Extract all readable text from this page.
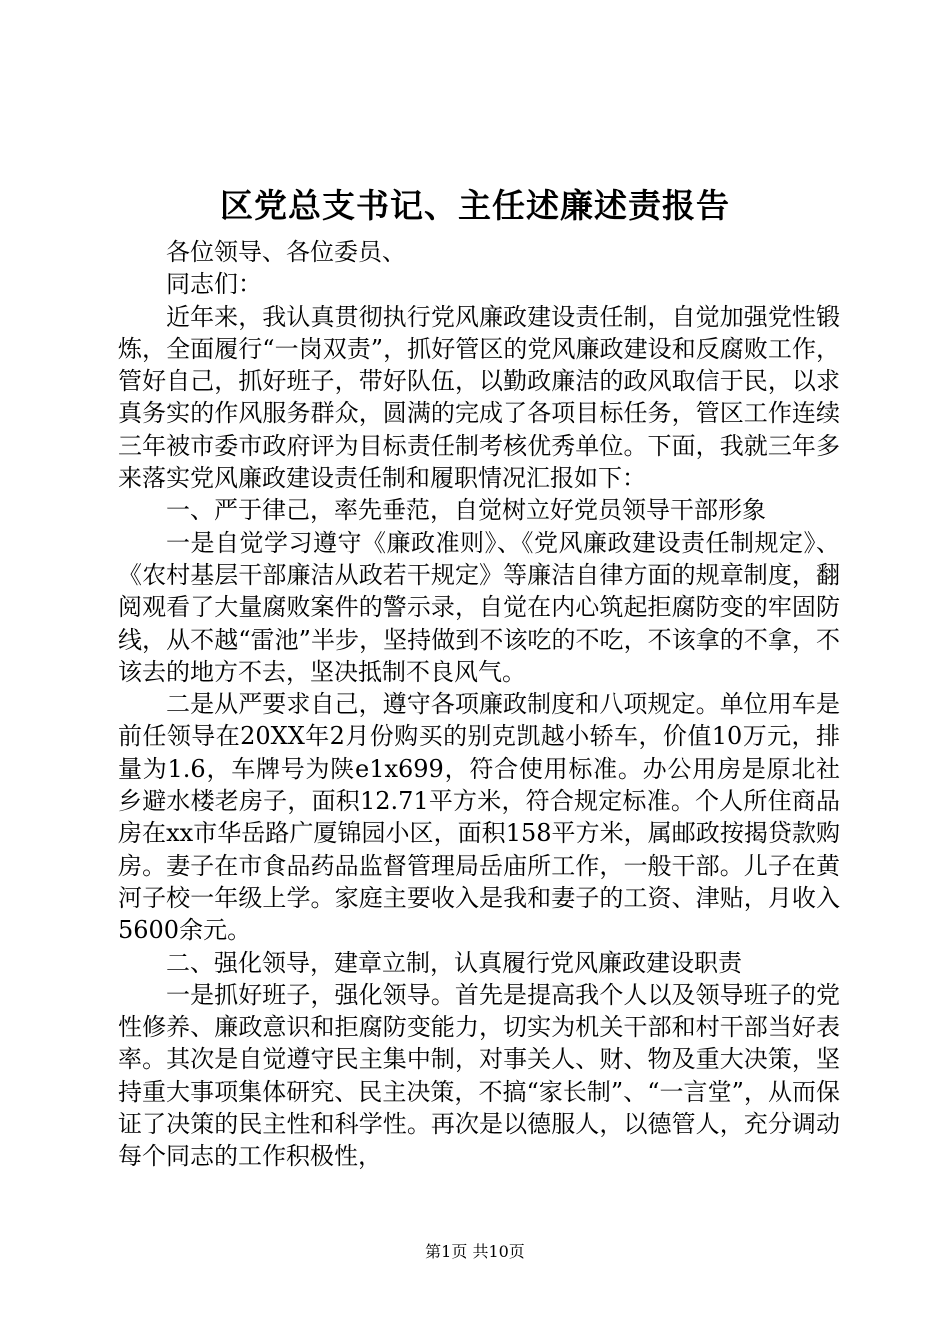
区党总支书记、主任述廉述责报告

各位领导、各位委员、

同志们：

近年来，我认真贯彻执行党风廉政建设责任制，自觉加强党性锻炼，全面履行“一岗双责”，抓好管区的党风廉政建设和反腐败工作，管好自己，抓好班子，带好队伍，以勤政廉洁的政风取信于民，以求真务实的作风服务群众，圆满的完成了各项目标任务，管区工作连续三年被市委市政府评为目标责任制考核优秀单位。下面，我就三年多来落实党风廉政建设责任制和履职情况汇报如下：

一、严于律己，率先垂范，自觉树立好党员领导干部形象

一是自觉学习遵守《廉政准则》、《党风廉政建设责任制规定》、《农村基层干部廉洁从政若干规定》等廉洁自律方面的规章制度，翻阅观看了大量腐败案件的警示录，自觉在内心筑起拒腐防变的牢固防线，从不越“雷池”半步，坚持做到不该吃的不吃，不该拿的不拿，不该去的地方不去，坚决抵制不良风气。

二是从严要求自己，遵守各项廉政制度和八项规定。单位用车是前任领导在20XX年2月份购买的别克凯越小轿车，价值10万元，排量为1.6，车牌号为陕e1x699，符合使用标准。办公用房是原北社乡避水楼老房子，面积12.71平方米，符合规定标准。个人所住商品房在xx市华岳路广厦锦园小区，面积158平方米，属邮政按揭贷款购房。妻子在市食品药品监督管理局岳庙所工作，一般干部。儿子在黄河子校一年级上学。家庭主要收入是我和妻子的工资、津贴，月收入5600余元。

二、强化领导，建章立制，认真履行党风廉政建设职责

一是抓好班子，强化领导。首先是提高我个人以及领导班子的党性修养、廉政意识和拒腐防变能力，切实为机关干部和村干部当好表率。其次是自觉遵守民主集中制，对事关人、财、物及重大决策，坚持重大事项集体研究、民主决策，不搞“家长制”、“一言堂”，从而保证了决策的民主性和科学性。再次是以德服人，以德管人，充分调动每个同志的工作积极性，

第1页 共10页
